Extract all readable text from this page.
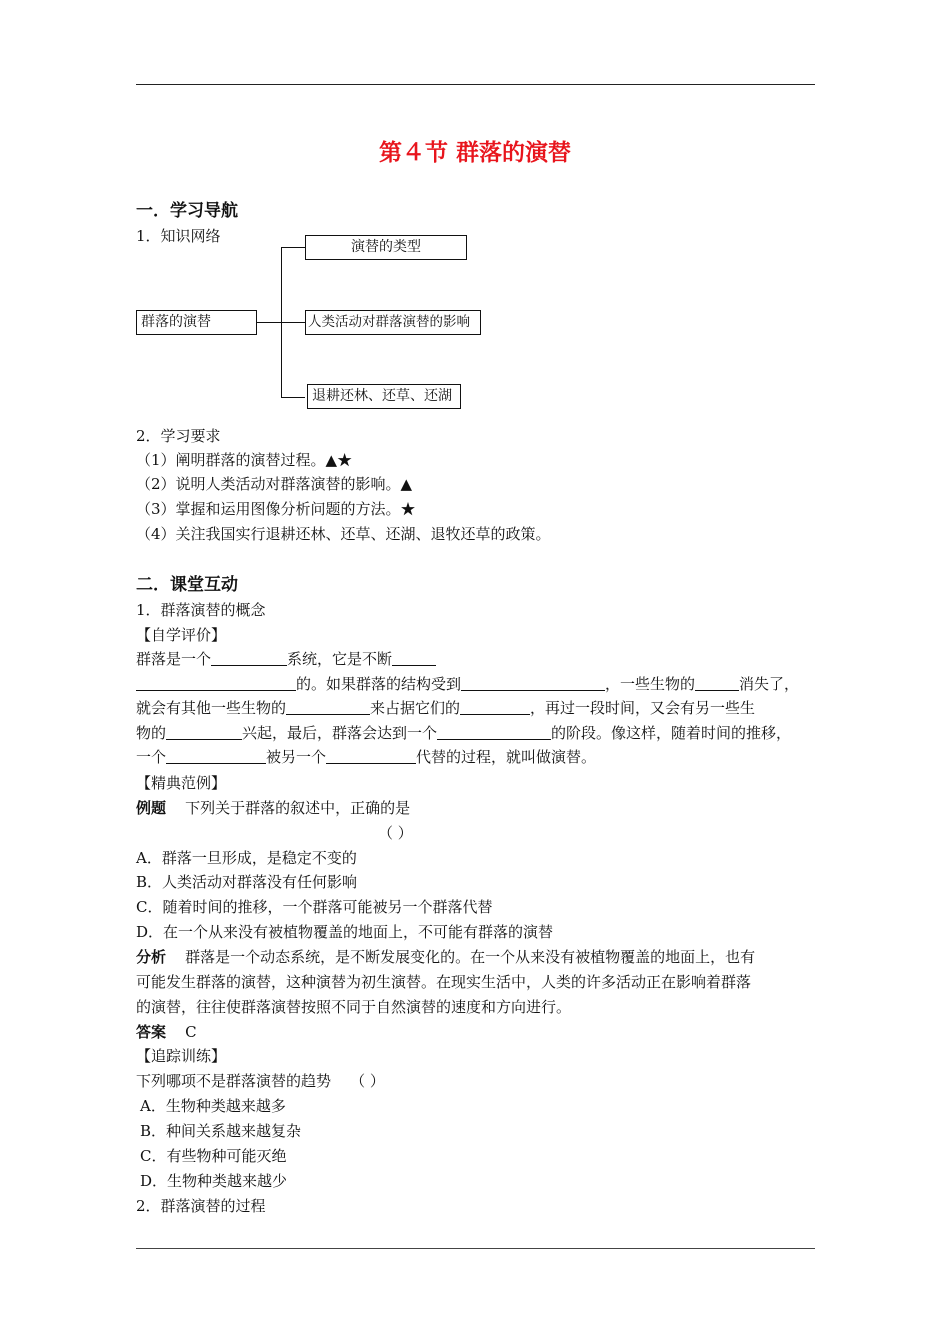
第４节 群落的演替
一．学习导航
1．知识网络
群落的演替
演替的类型
人类活动对群落演替的影响
退耕还林、还草、还湖
2．学习要求
（1）阐明群落的演替过程。▲★
（2）说明人类活动对群落演替的影响。▲
（3）掌握和运用图像分析问题的方法。★
（4）关注我国实行退耕还林、还草、还湖、退牧还草的政策。
二．课堂互动
1．群落演替的概念
【自学评价】
群落是一个	系统，它是不断
的。如果群落的结构受到	，一些生物的	消失了，
就会有其他一些生物的	来占据它们的	，再过一段时间，又会有另一些生
物的	兴起，最后，群落会达到一个	的阶段。像这样，随着时间的推移，
一个	被另一个	代替的过程，就叫做演替。
【精典范例】
例题 下列关于群落的叙述中，正确的是
（ ）
A．群落一旦形成，是稳定不变的
B．人类活动对群落没有任何影响
C．随着时间的推移，一个群落可能被另一个群落代替
D．在一个从来没有被植物覆盖的地面上，不可能有群落的演替
分析 群落是一个动态系统，是不断发展变化的。在一个从来没有被植物覆盖的地面上，也有
可能发生群落的演替，这种演替为初生演替。在现实生活中，人类的许多活动正在影响着群落
的演替，往往使群落演替按照不同于自然演替的速度和方向进行。
答案 C
【追踪训练】
下列哪项不是群落演替的趋势 （ ）
A．生物种类越来越多
B．种间关系越来越复杂
C．有些物种可能灭绝
D．生物种类越来越少
2．群落演替的过程
